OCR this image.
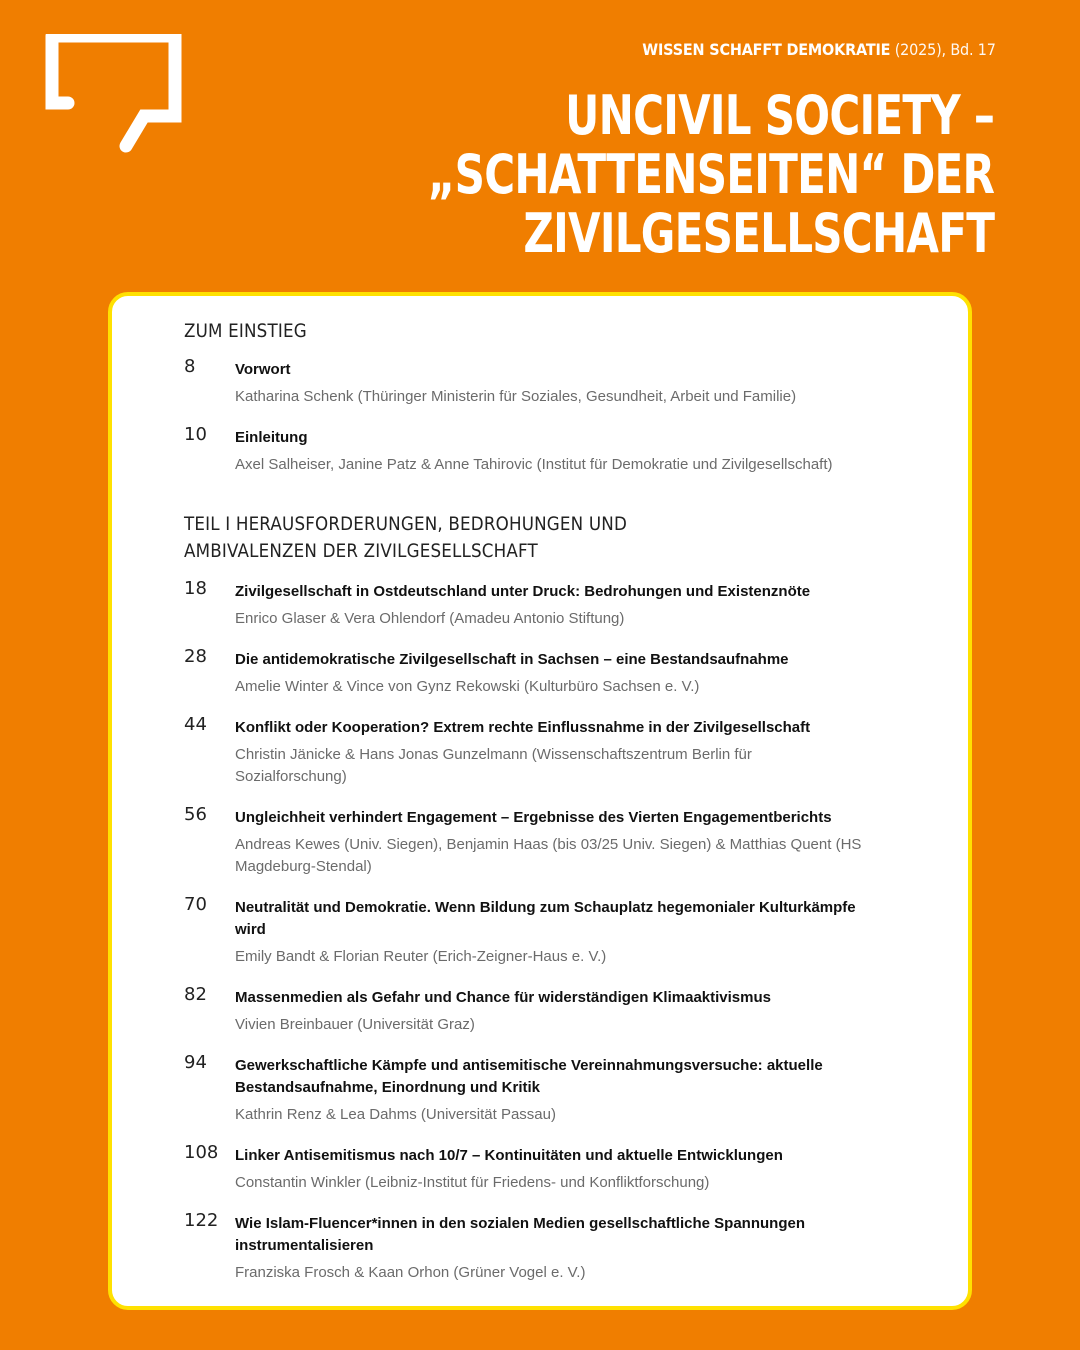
WISSEN SCHAFFT DEMOKRATIE (2025), Bd. 17
UNCIVIL SOCIETY –
„SCHATTENSEITEN“ DER
ZIVILGESELLSCHAFT
ZUM EINSTIEG
8	Vorwort
Katharina Schenk (Thüringer Ministerin für Soziales, Gesundheit, Arbeit und Familie)
10	Einleitung
Axel Salheiser, Janine Patz & Anne Tahirovic (Institut für Demokratie und Zivilgesellschaft)
TEIL I HERAUSFORDERUNGEN, BEDROHUNGEN UND AMBIVALENZEN DER ZIVILGESELLSCHAFT
18	Zivilgesellschaft in Ostdeutschland unter Druck: Bedrohungen und Existenznöte
Enrico Glaser & Vera Ohlendorf (Amadeu Antonio Stiftung)
28	Die antidemokratische Zivilgesellschaft in Sachsen – eine Bestandsaufnahme
Amelie Winter & Vince von Gynz Rekowski (Kulturbüro Sachsen e. V.)
44	Konflikt oder Kooperation? Extrem rechte Einflussnahme in der Zivilgesellschaft
Christin Jänicke & Hans Jonas Gunzelmann (Wissenschaftszentrum Berlin für Sozialforschung)
56	Ungleichheit verhindert Engagement – Ergebnisse des Vierten Engagementberichts
Andreas Kewes (Univ. Siegen), Benjamin Haas (bis 03/25 Univ. Siegen) & Matthias Quent (HS Magdeburg-Stendal)
70	Neutralität und Demokratie. Wenn Bildung zum Schauplatz hegemonialer Kulturkämpfe wird
Emily Bandt & Florian Reuter (Erich-Zeigner-Haus e. V.)
82	Massenmedien als Gefahr und Chance für widerständigen Klimaaktivismus
Vivien Breinbauer (Universität Graz)
94	Gewerkschaftliche Kämpfe und antisemitische Vereinnahmungsversuche: aktuelle Bestandsaufnahme, Einordnung und Kritik
Kathrin Renz & Lea Dahms (Universität Passau)
108	Linker Antisemitismus nach 10/7 – Kontinuitäten und aktuelle Entwicklungen
Constantin Winkler (Leibniz-Institut für Friedens- und Konfliktforschung)
122	Wie Islam-Fluencer*innen in den sozialen Medien gesellschaftliche Spannungen instrumentalisieren
Franziska Frosch & Kaan Orhon (Grüner Vogel e. V.)
